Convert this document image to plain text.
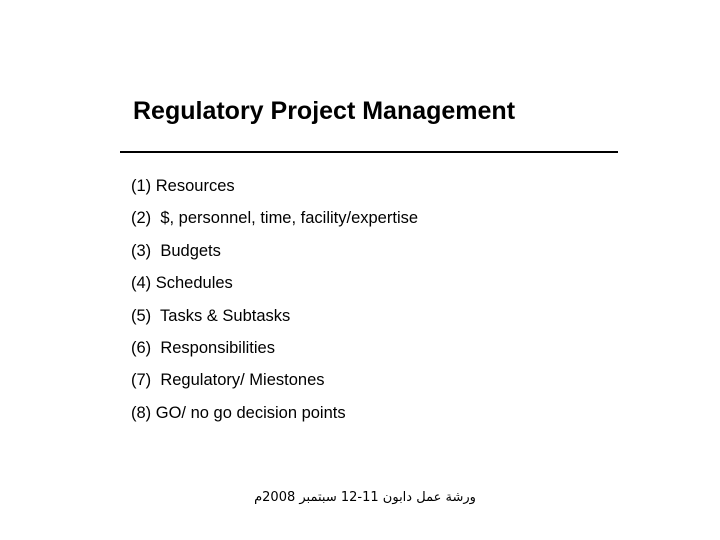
Regulatory Project Management
(1) Resources
(2)  $, personnel, time, facility/expertise
(3)  Budgets
(4) Schedules
(5)  Tasks & Subtasks
(6)  Responsibilities
(7)  Regulatory/ Miestones
(8) GO/ no go decision points
ورشة عمل دابون 11-12 سبتمبر 2008م
